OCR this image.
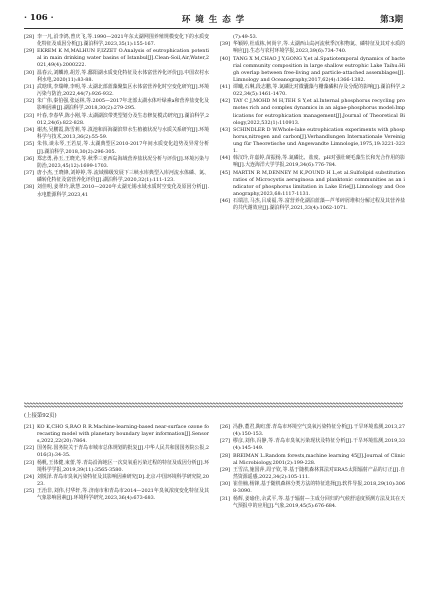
· 106 ·	环 境 生 态 学	第3期
[28] 李一凡,沿李鸿,曾庆飞,等.1990—2021年东太湖网围养殖规模变化下的水质变化特征及成因分析[J].湖泊科学,2023,35(1):155-167.
[29] EKREM K M,MALHUN F,IZZET O.Analysis of eutrophication potential in main drinking water basins of Istanbul[J].Clean-Soil,Air,Water,2021,49(4):2000222.
[30] 温春云,刘麟涛,胡芳,等.鄱阳湖水质变化特征及水体富营养化评价[J].中国农村水利水电,2020(11):83-88.
[31] 武晗琪,李瑞峰,李明,等.太湖北部蓝藻聚集区水体富营养化时空变化研究[J].环境污染与防治,2022,44(7):926-932.
[32] 朱广伟,秦伯强,张运林,等.2005—2017年北部太湖水体叶绿素a和营养盐变化及影响因素[J].湖泊科学,2018,30(2):279-295.
[33] 叶春,李春华,陈小刚,等.太湖湖滨带类型划分及生态修复模式研究[J].湖泊科学,2012,24(6):822-828.
[34] 谢杰,吴鹏霞,陈雪莉,等.滇池和洱海湖滨带水生植被状况与水质关系研究[J].环境科学与技术,2013,36(2):55-59.
[35] 朱伟,谈永琴,王若辰,等.太湖典型区2010-2017年间水质变化趋势及异常分析[J].湖泊科学,2018,30(2):296-305.
[36] 郑忠勇,孙玉,王晓光,等.秋季三亚西岛海域营养盐状况分析与评价[J].环境污染与防治,2023,45(12):1699-1703.
[37] 唐小杰,王晓锋,刘婷婷,等.流域梯级发展下三峡水库典型入库河流水体磷、氮、磷转化特征及富营养化评价[J].湖泊科学,2020,32(1):111-123.
[38] 刘佳明,姜翠玲,耿慧.2010—2020年太湖无锡水域水质时空变化及原因分析[J].水电能源科学,2023,41
(7):49-53.
[39] 华颖婷,杜成栋,何尚宇,等.太湖西山岛河流秋季沉积物氮、磷特征及其对水质的响应[J].生态与农村环境学报,2023,39(6):734-740.
[40] TANG X M,CHAO J Y,GONG Y,et al.Spatiotemporal dynamics of bacterial community composition in large shallow eutrophic Lake Taihu:High overlap between free-living and particle-attached assemblages[J].Limnology and Oceanography,2017,62(4):1366-1382.
[41] 谭曦,石琳,段志鹏,等.氮磷比对微囊藻与栅藻磷积存及分配的影响[J].湖泊科学,2022,34(5):1461-1470.
[42] TAY C J,MOHD M H,TEH S Y,et al.Internal phosphorus recycling promotes rich and complex dynamics in an algae-phosphorus model:Implications for eutrophication management[J].Journal of Theoretical Biology,2022,532(1):110913.
[43] SCHINDLER D W.Whole-lake eutrophication experiments with phosphorus,nitrogen and carbon[J].Verhandlungen Internationale Vereinigung für Theoretische und Angewandte Limnologie,1975,19:3221-3231.
[44] 韩汉玲,许嘉婷,苗振杨,等.氮磷比、盐度、pH对强壮硬毛藻生长和光合作用的影响[J].大连海洋大学学报,2019,34(6):776-784.
[45] MARTIN R M,DENNEY M K,POUND H L,et al.Sulfolipid substitution ratios of Microcystis aeruginosa and planktonic communities as an indicator of phosphorus limitation in Lake Erie[J].Limnology and Oceanography,2023,68:1117-1131.
[46] 石瑞洁,马杰,吕成福,等.富营养化湖泊蓝藻—芦苇碎屑堆积分解过程及其营养盐的共代谢效应[J].湖泊科学,2021,33(4):1062-1071.
(上接第92页)
[21] KO K,CHO S,RAO R R.Machine-learning-based near-surface ozone forecasting model with planetary boundary layer information[J].Sensors,2022,22(20):7864.
[22] 国务院.国务院关于青岛市城市总体规划的批复[J].中华人民共和国国务院公报,2016(3):34-35.
[23] 杨帆,王体健,束蕾,等.青岛沿海地区一次臭氧重污染过程的特征及成因分析[J].环境科学学报,2019,39(11):3565-3580.
[24] 刘锐泽.青岛市臭氧污染特征及其影响因素研究[D].北京:中国环境科学研究院,2023.
[25] 王治非,刘伟,付华轩,等.济南市和青岛市2014—2021年臭氧浓度变化特征及其气象影响因素[J].环境科学研究,2023,36(4):673-683.
[26] 冯静,董君,陶红蕾.青岛市环境空气臭氧污染特征分析[J].干旱环境监测,2013,27(4):150-153.
[27] 缪彦,刘伟,冯静,等.青岛市臭氧污染现状及特征分析[J].干旱环境监测,2019,33(4):145-149.
[28] BREIMAN L.Random forests,machine learning 45[J].Journal of Clinical Microbiology,2001(2):199-228.
[29] 王雪沽,施国萍,周子钦,等.基于随机森林算法对ERA5太阳辐射产品的订正[J].自然资源遥感,2022,34(2):105-111.
[30] 崔佳楠,杨锋,基于随机森林分类方法的特征选择[J].软件导报,2018,29(10):3068-3090.
[31] 杨辉,姜瑜佳,余武平,等.基于辐射—主成分回归的气候舒适度预测方法及其在天气预报中的应用[J].气象,2019,45(5):676-684.
